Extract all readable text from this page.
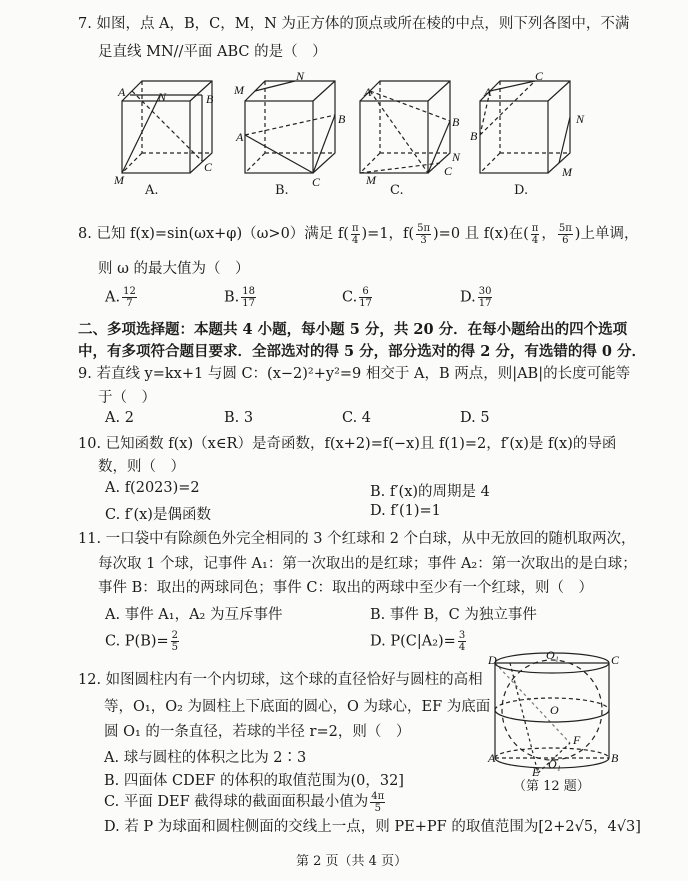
7. 如图，点 A，B，C，M，N 为正方体的顶点或所在棱的中点，则下列各图中，不满
足直线 MN//平面 ABC 的是（　）
A	N	B
M
C
M
N
B
A
C
A
B
N
M
C
A
C
N
B
M
A.	B.	C.	D.
8. 已知 f(x)=sin(ωx+φ)（ω>0）满足 $f( \frac{\pi}{4} )=1$，$f( \frac{5\pi}{3} )=0$ 且 f(x)在( $\frac{\pi}{4}$ ， $\frac{5\pi}{6}$ )上单调，
则 ω 的最大值为（　）
A. $\frac{12}{7}$	B. $\frac{18}{17}$	C. $\frac{6}{17}$	D. $\frac{30}{17}$
二、多项选择题：本题共 4 小题，每小题 5 分，共 20 分．在每小题给出的四个选项
中，有多项符合题目要求．全部选对的得 5 分，部分选对的得 2 分，有选错的得 0 分．
9. 若直线 y=kx+1 与圆 C：(x−2)²+y²=9 相交于 A，B 两点，则|AB|的长度可能等
于（　）
A. 2	B. 3	C. 4	D. 5
10. 已知函数 f(x)（x∈R）是奇函数，f(x+2)=f(−x)且 f(1)=2，f′(x)是 f(x)的导函
数，则（　）
A. f(2023)=2	B. f′(x)的周期是 4
C. f′(x)是偶函数	D. f′(1)=1
11. 一口袋中有除颜色外完全相同的 3 个红球和 2 个白球，从中无放回的随机取两次，
每次取 1 个球，记事件 A₁：第一次取出的是红球；事件 A₂：第一次取出的是白球；
事件 B：取出的两球同色；事件 C：取出的两球中至少有一个红球，则（　）
A. 事件 A₁，A₂ 为互斥事件	B. 事件 B，C 为独立事件
C. $P(B)= \frac{2}{5}$	D. $P(C|A_2)= \frac{3}{4}$
12. 如图圆柱内有一个内切球，这个球的直径恰好与圆柱的高相
等，O₁，O₂ 为圆柱上下底面的圆心，O 为球心，EF 为底面
圆 O₁ 的一条直径，若球的半径 r=2，则（　）
A. 球与圆柱的体积之比为 2∶3
B. 四面体 CDEF 的体积的取值范围为(0，32]
C. 平面 DEF 截得球的截面面积最小值为 $\frac{4\pi}{5}$
D. 若 P 为球面和圆柱侧面的交线上一点，则 PE+PF 的取值范围为[2+2√5，4√3]
D	O₁	C
O
F
A	O₁	B
E
（第 12 题）
第 2 页（共 4 页）
